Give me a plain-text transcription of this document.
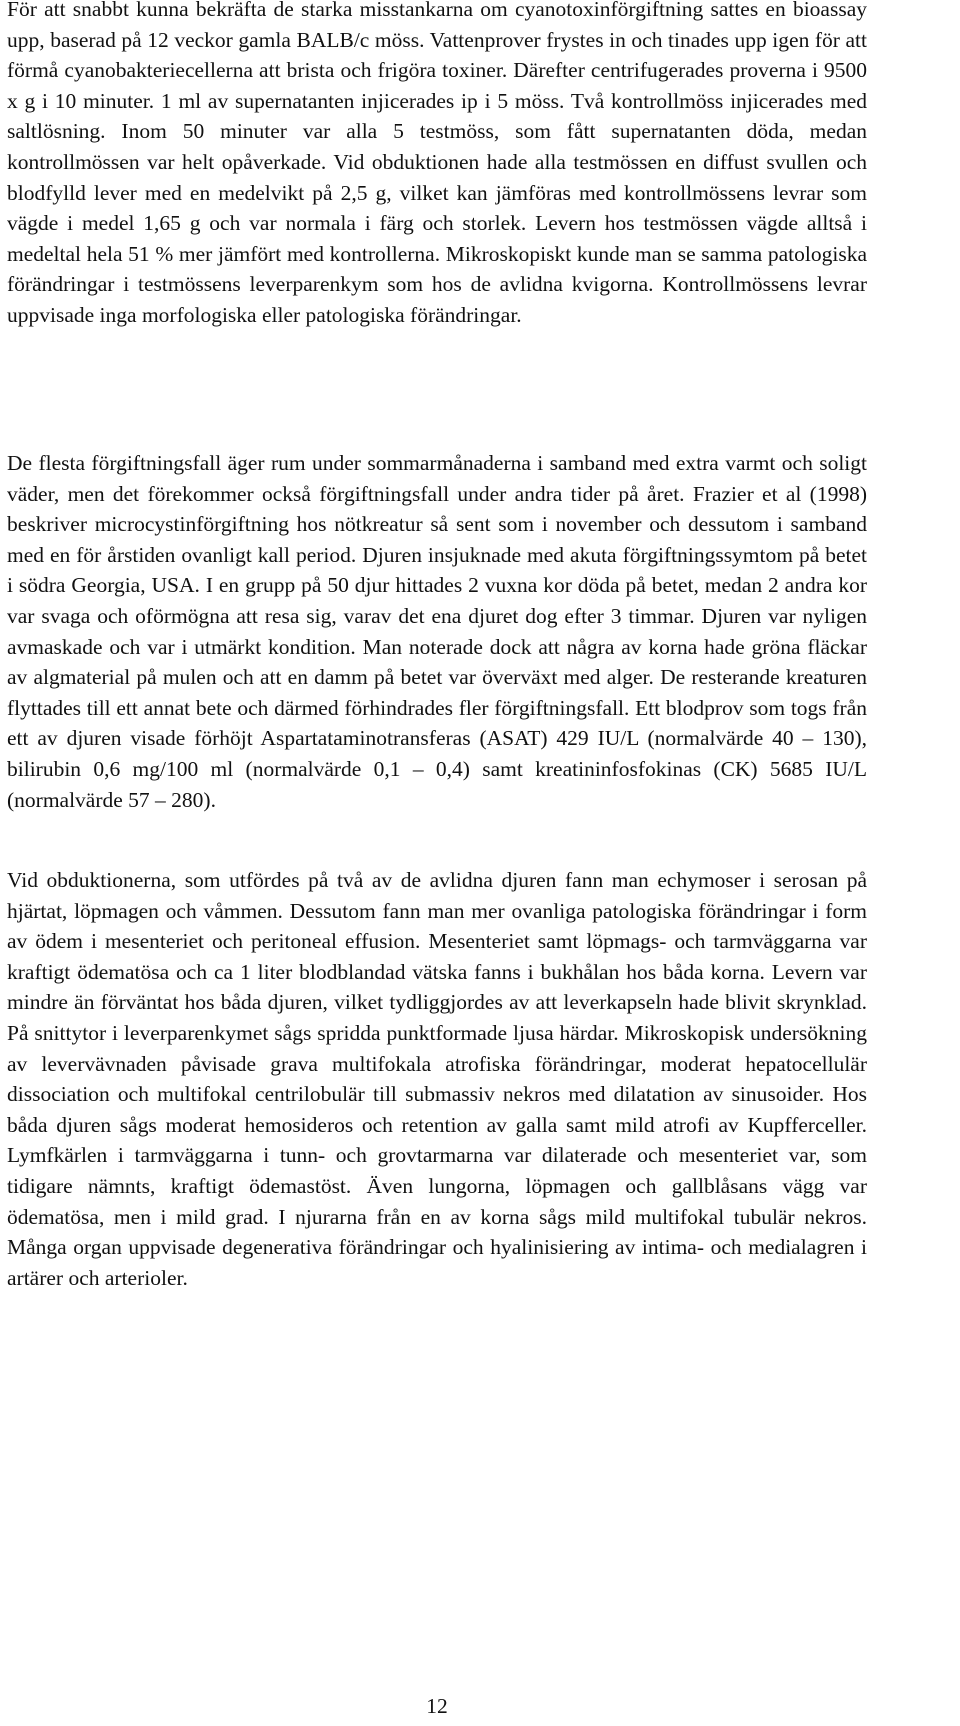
För att snabbt kunna bekräfta de starka misstankarna om cyanotoxinförgiftning sattes en bioassay upp, baserad på 12 veckor gamla BALB/c möss. Vattenprover frystes in och tinades upp igen för att förmå cyanobakteriecellerna att brista och frigöra toxiner. Därefter centrifugerades proverna i 9500 x g i 10 minuter. 1 ml av supernatanten injicerades ip i 5 möss. Två kontrollmöss injicerades med saltlösning. Inom 50 minuter var alla 5 testmöss, som fått supernatanten döda, medan kontrollmössen var helt opåverkade. Vid obduktionen hade alla testmössen en diffust svullen och blodfylld lever med en medelvikt på 2,5 g, vilket kan jämföras med kontrollmössens levrar som vägde i medel 1,65 g och var normala i färg och storlek. Levern hos testmössen vägde alltså i medeltal hela 51 % mer jämfört med kontrollerna. Mikroskopiskt kunde man se samma patologiska förändringar i testmössens leverparenkym som hos de avlidna kvigorna. Kontrollmössens levrar uppvisade inga morfologiska eller patologiska förändringar.

De flesta förgiftningsfall äger rum under sommarmånaderna i samband med extra varmt och soligt väder, men det förekommer också förgiftningsfall under andra tider på året. Frazier et al (1998) beskriver microcystinförgiftning hos nötkreatur så sent som i november och dessutom i samband med en för årstiden ovanligt kall period. Djuren insjuknade med akuta förgiftningssymtom på betet i södra Georgia, USA. I en grupp på 50 djur hittades 2 vuxna kor döda på betet, medan 2 andra kor var svaga och oförmögna att resa sig, varav det ena djuret dog efter 3 timmar. Djuren var nyligen avmaskade och var i utmärkt kondition. Man noterade dock att några av korna hade gröna fläckar av algmaterial på mulen och att en damm på betet var överväxt med alger. De resterande kreaturen flyttades till ett annat bete och därmed förhindrades fler förgiftningsfall. Ett blodprov som togs från ett av djuren visade förhöjt Aspartataminotransferas (ASAT) 429 IU/L (normalvärde 40 – 130), bilirubin 0,6 mg/100 ml (normalvärde 0,1 – 0,4) samt kreatininfosfokinas (CK) 5685 IU/L (normalvärde 57 – 280).

Vid obduktionerna, som utfördes på två av de avlidna djuren fann man echymoser i serosan på hjärtat, löpmagen och våmmen. Dessutom fann man mer ovanliga patologiska förändringar i form av ödem i mesenteriet och peritoneal effusion. Mesenteriet samt löpmags- och tarmväggarna var kraftigt ödematösa och ca 1 liter blodblandad vätska fanns i bukhålan hos båda korna. Levern var mindre än förväntat hos båda djuren, vilket tydliggjordes av att leverkapseln hade blivit skrynklad. På snittytor i leverparenkymet sågs spridda punktformade ljusa härdar. Mikroskopisk undersökning av levervävnaden påvisade grava multifokala atrofiska förändringar, moderat hepatocellulär dissociation och multifokal centrilobulär till submassiv nekros med dilatation av sinusoider. Hos båda djuren sågs moderat hemosideros och retention av galla samt mild atrofi av Kupfferceller. Lymfkärlen i tarmväggarna i tunn- och grovtarmarna var dilaterade och mesenteriet var, som tidigare nämnts, kraftigt ödemastöst. Även lungorna, löpmagen och gallblåsans vägg var ödematösa, men i mild grad. I njurarna från en av korna sågs mild multifokal tubulär nekros. Många organ uppvisade degenerativa förändringar och hyalinisiering av intima- och medialagren i artärer och arterioler.

12
